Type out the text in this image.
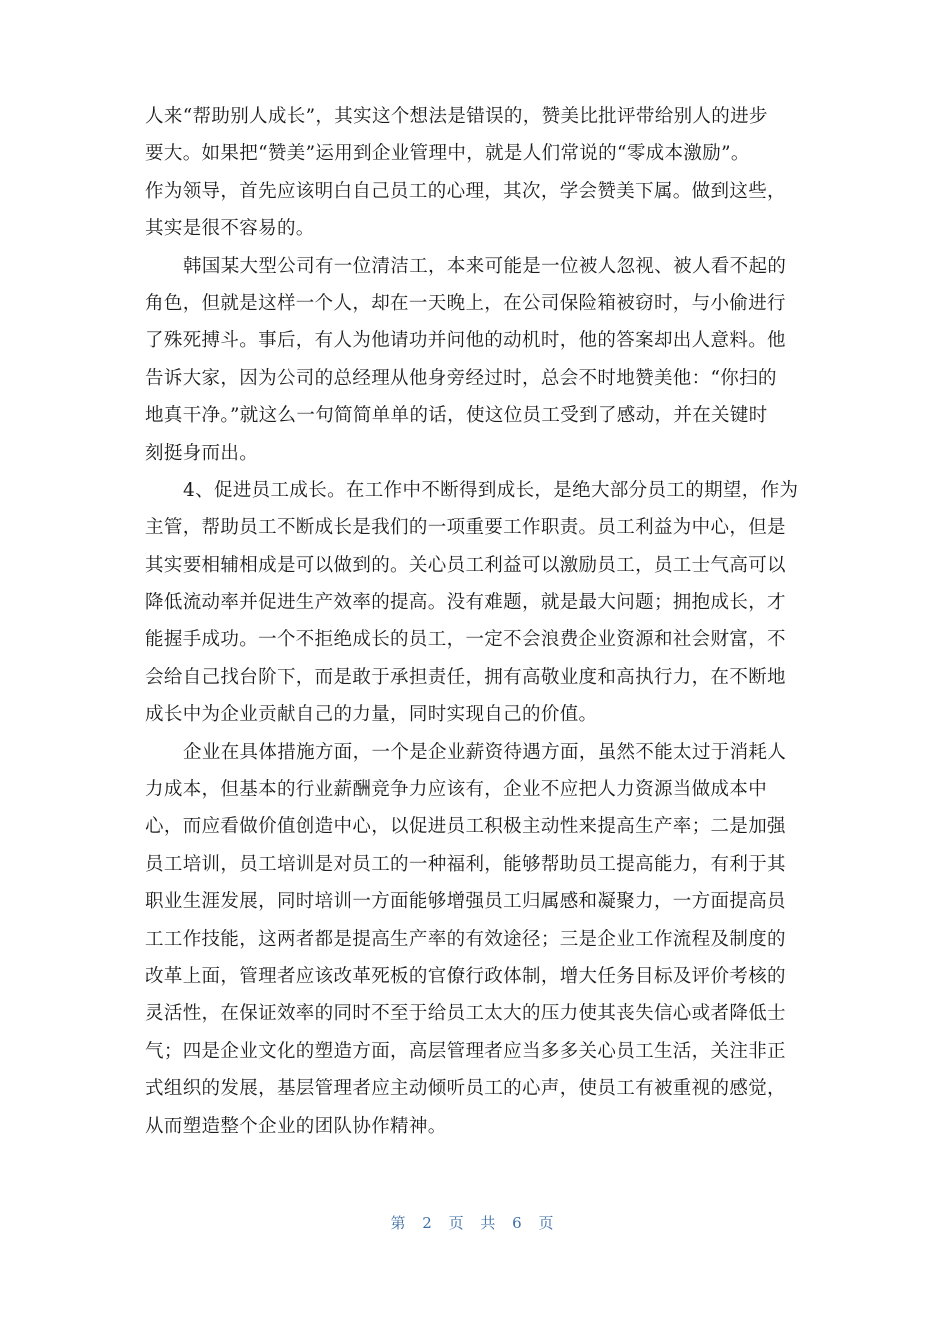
人来“帮助别人成长”，其实这个想法是错误的，赞美比批评带给别人的进步
要大。如果把“赞美”运用到企业管理中，就是人们常说的“零成本激励”。
作为领导，首先应该明白自己员工的心理，其次，学会赞美下属。做到这些，
其实是很不容易的。
韩国某大型公司有一位清洁工，本来可能是一位被人忽视、被人看不起的
角色，但就是这样一个人，却在一天晚上，在公司保险箱被窃时，与小偷进行
了殊死搏斗。事后，有人为他请功并问他的动机时，他的答案却出人意料。他
告诉大家，因为公司的总经理从他身旁经过时，总会不时地赞美他：“你扫的
地真干净。”就这么一句简简单单的话，使这位员工受到了感动，并在关键时
刻挺身而出。
4、促进员工成长。在工作中不断得到成长，是绝大部分员工的期望，作为
主管，帮助员工不断成长是我们的一项重要工作职责。员工利益为中心，但是
其实要相辅相成是可以做到的。关心员工利益可以激励员工，员工士气高可以
降低流动率并促进生产效率的提高。没有难题，就是最大问题；拥抱成长，才
能握手成功。一个不拒绝成长的员工，一定不会浪费企业资源和社会财富，不
会给自己找台阶下，而是敢于承担责任，拥有高敬业度和高执行力，在不断地
成长中为企业贡献自己的力量，同时实现自己的价值。
企业在具体措施方面，一个是企业薪资待遇方面，虽然不能太过于消耗人
力成本，但基本的行业薪酬竞争力应该有，企业不应把人力资源当做成本中
心，而应看做价值创造中心，以促进员工积极主动性来提高生产率；二是加强
员工培训，员工培训是对员工的一种福利，能够帮助员工提高能力，有利于其
职业生涯发展，同时培训一方面能够增强员工归属感和凝聚力，一方面提高员
工工作技能，这两者都是提高生产率的有效途径；三是企业工作流程及制度的
改革上面，管理者应该改革死板的官僚行政体制，增大任务目标及评价考核的
灵活性，在保证效率的同时不至于给员工太大的压力使其丧失信心或者降低士
气；四是企业文化的塑造方面，高层管理者应当多多关心员工生活，关注非正
式组织的发展，基层管理者应主动倾听员工的心声，使员工有被重视的感觉，
从而塑造整个企业的团队协作精神。
第 2 页 共 6 页
